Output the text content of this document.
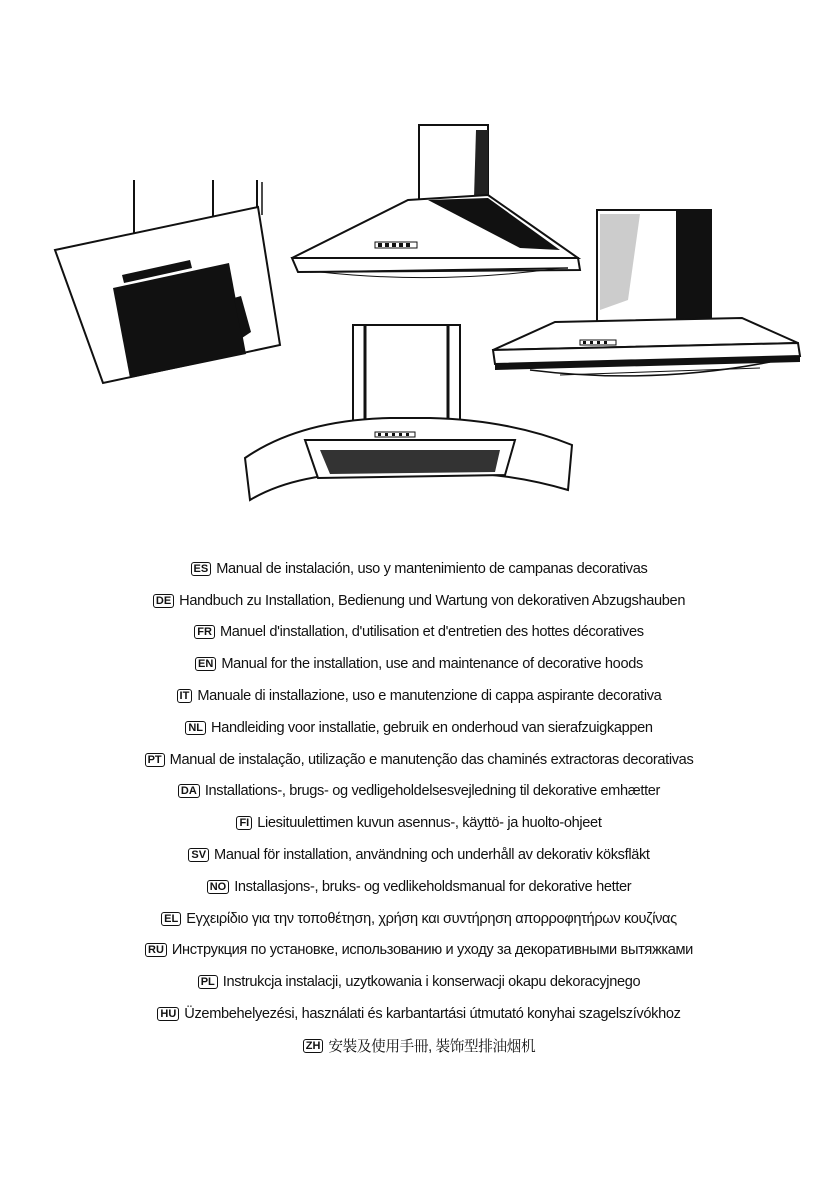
ES Manual de instalación, uso y mantenimiento de campanas decorativas
DE Handbuch zu Installation, Bedienung und Wartung von dekorativen Abzugshauben
FR Manuel d'installation, d'utilisation et d'entretien des hottes décoratives
EN Manual for the installation, use and maintenance of decorative hoods
IT Manuale di installazione, uso e manutenzione di cappa aspirante decorativa
NL Handleiding voor installatie, gebruik en onderhoud van sierafzuigkappen
PT Manual de instalação, utilização e manutenção das chaminés extractoras decorativas
DA Installations-, brugs- og vedligeholdelsesvejledning til dekorative emhætter
FI Liesituulettimen kuvun asennus-, käyttö- ja huolto-ohjeet
SV Manual för installation, användning och underhåll av dekorativ köksfläkt
NO Installasjons-, bruks- og vedlikeholdsmanual for dekorative hetter
EL Εγχειρίδιο για την τοποθέτηση, χρήση και συντήρηση απορροφητήρων κουζίνας
RU Инструкция по установке, использованию и уходу за декоративными вытяжками
PL Instrukcja instalacji, uzytkowania i konserwacji okapu dekoracyjnego
HU Üzembehelyezési, használati és karbantartási útmutató konyhai szagelszívókhoz
ZH 安裝及使用手冊, 裝饰型排油烟机
